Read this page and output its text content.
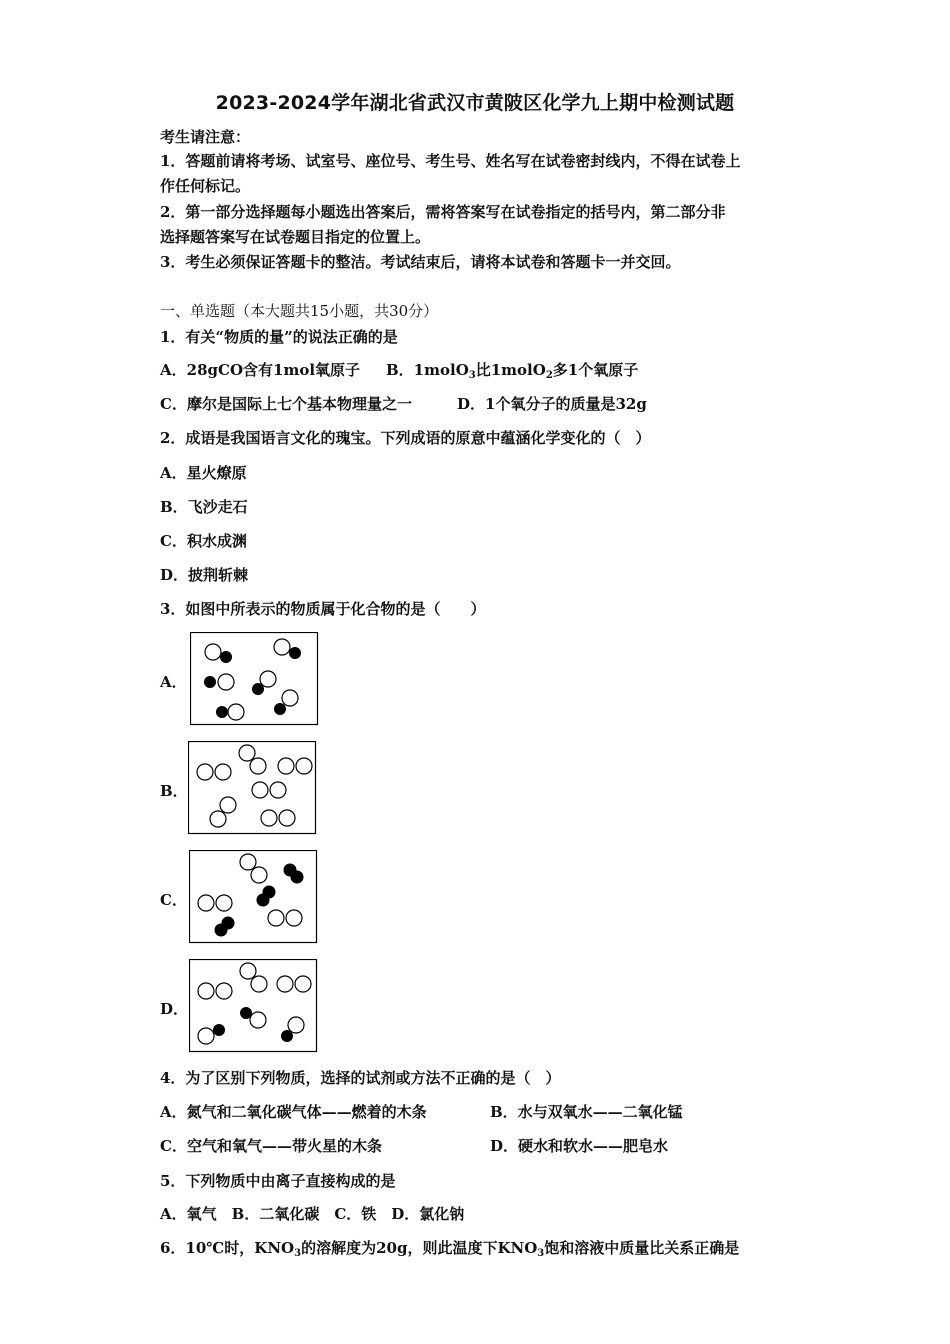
2023-2024学年湖北省武汉市黄陂区化学九上期中检测试题
考生请注意：
1．答题前请将考场、试室号、座位号、考生号、姓名写在试卷密封线内，不得在试卷上
作任何标记。
2．第一部分选择题每小题选出答案后，需将答案写在试卷指定的括号内，第二部分非
选择题答案写在试卷题目指定的位置上。
3．考生必须保证答题卡的整洁。考试结束后，请将本试卷和答题卡一并交回。
一、单选题（本大题共15小题，共30分）
1．有关“物质的量”的说法正确的是
A．28gCO含有1mol氧原子 B．1molO$_3$比1molO$_2$多1个氧原子
C．摩尔是国际上七个基本物理量之一	D．1个氧分子的质量是32g
2．成语是我国语言文化的瑰宝。下列成语的原意中蕴涵化学变化的（　）
A．星火燎原
B．飞沙走石
C．积水成渊
D．披荆斩棘
3．如图中所表示的物质属于化合物的是（　　）
A．
B．
C．
D．
4．为了区别下列物质，选择的试剂或方法不正确的是（　）
A．氮气和二氧化碳气体——燃着的木条	B．水与双氧水——二氧化锰
C．空气和氧气——带火星的木条	D．硬水和软水——肥皂水
5．下列物质中由离子直接构成的是
A．氧气　B．二氧化碳　C．铁　D．氯化钠
6．10℃时，$KNO_3$的溶解度为20g，则此温度下$KNO_3$饱和溶液中质量比关系正确是
